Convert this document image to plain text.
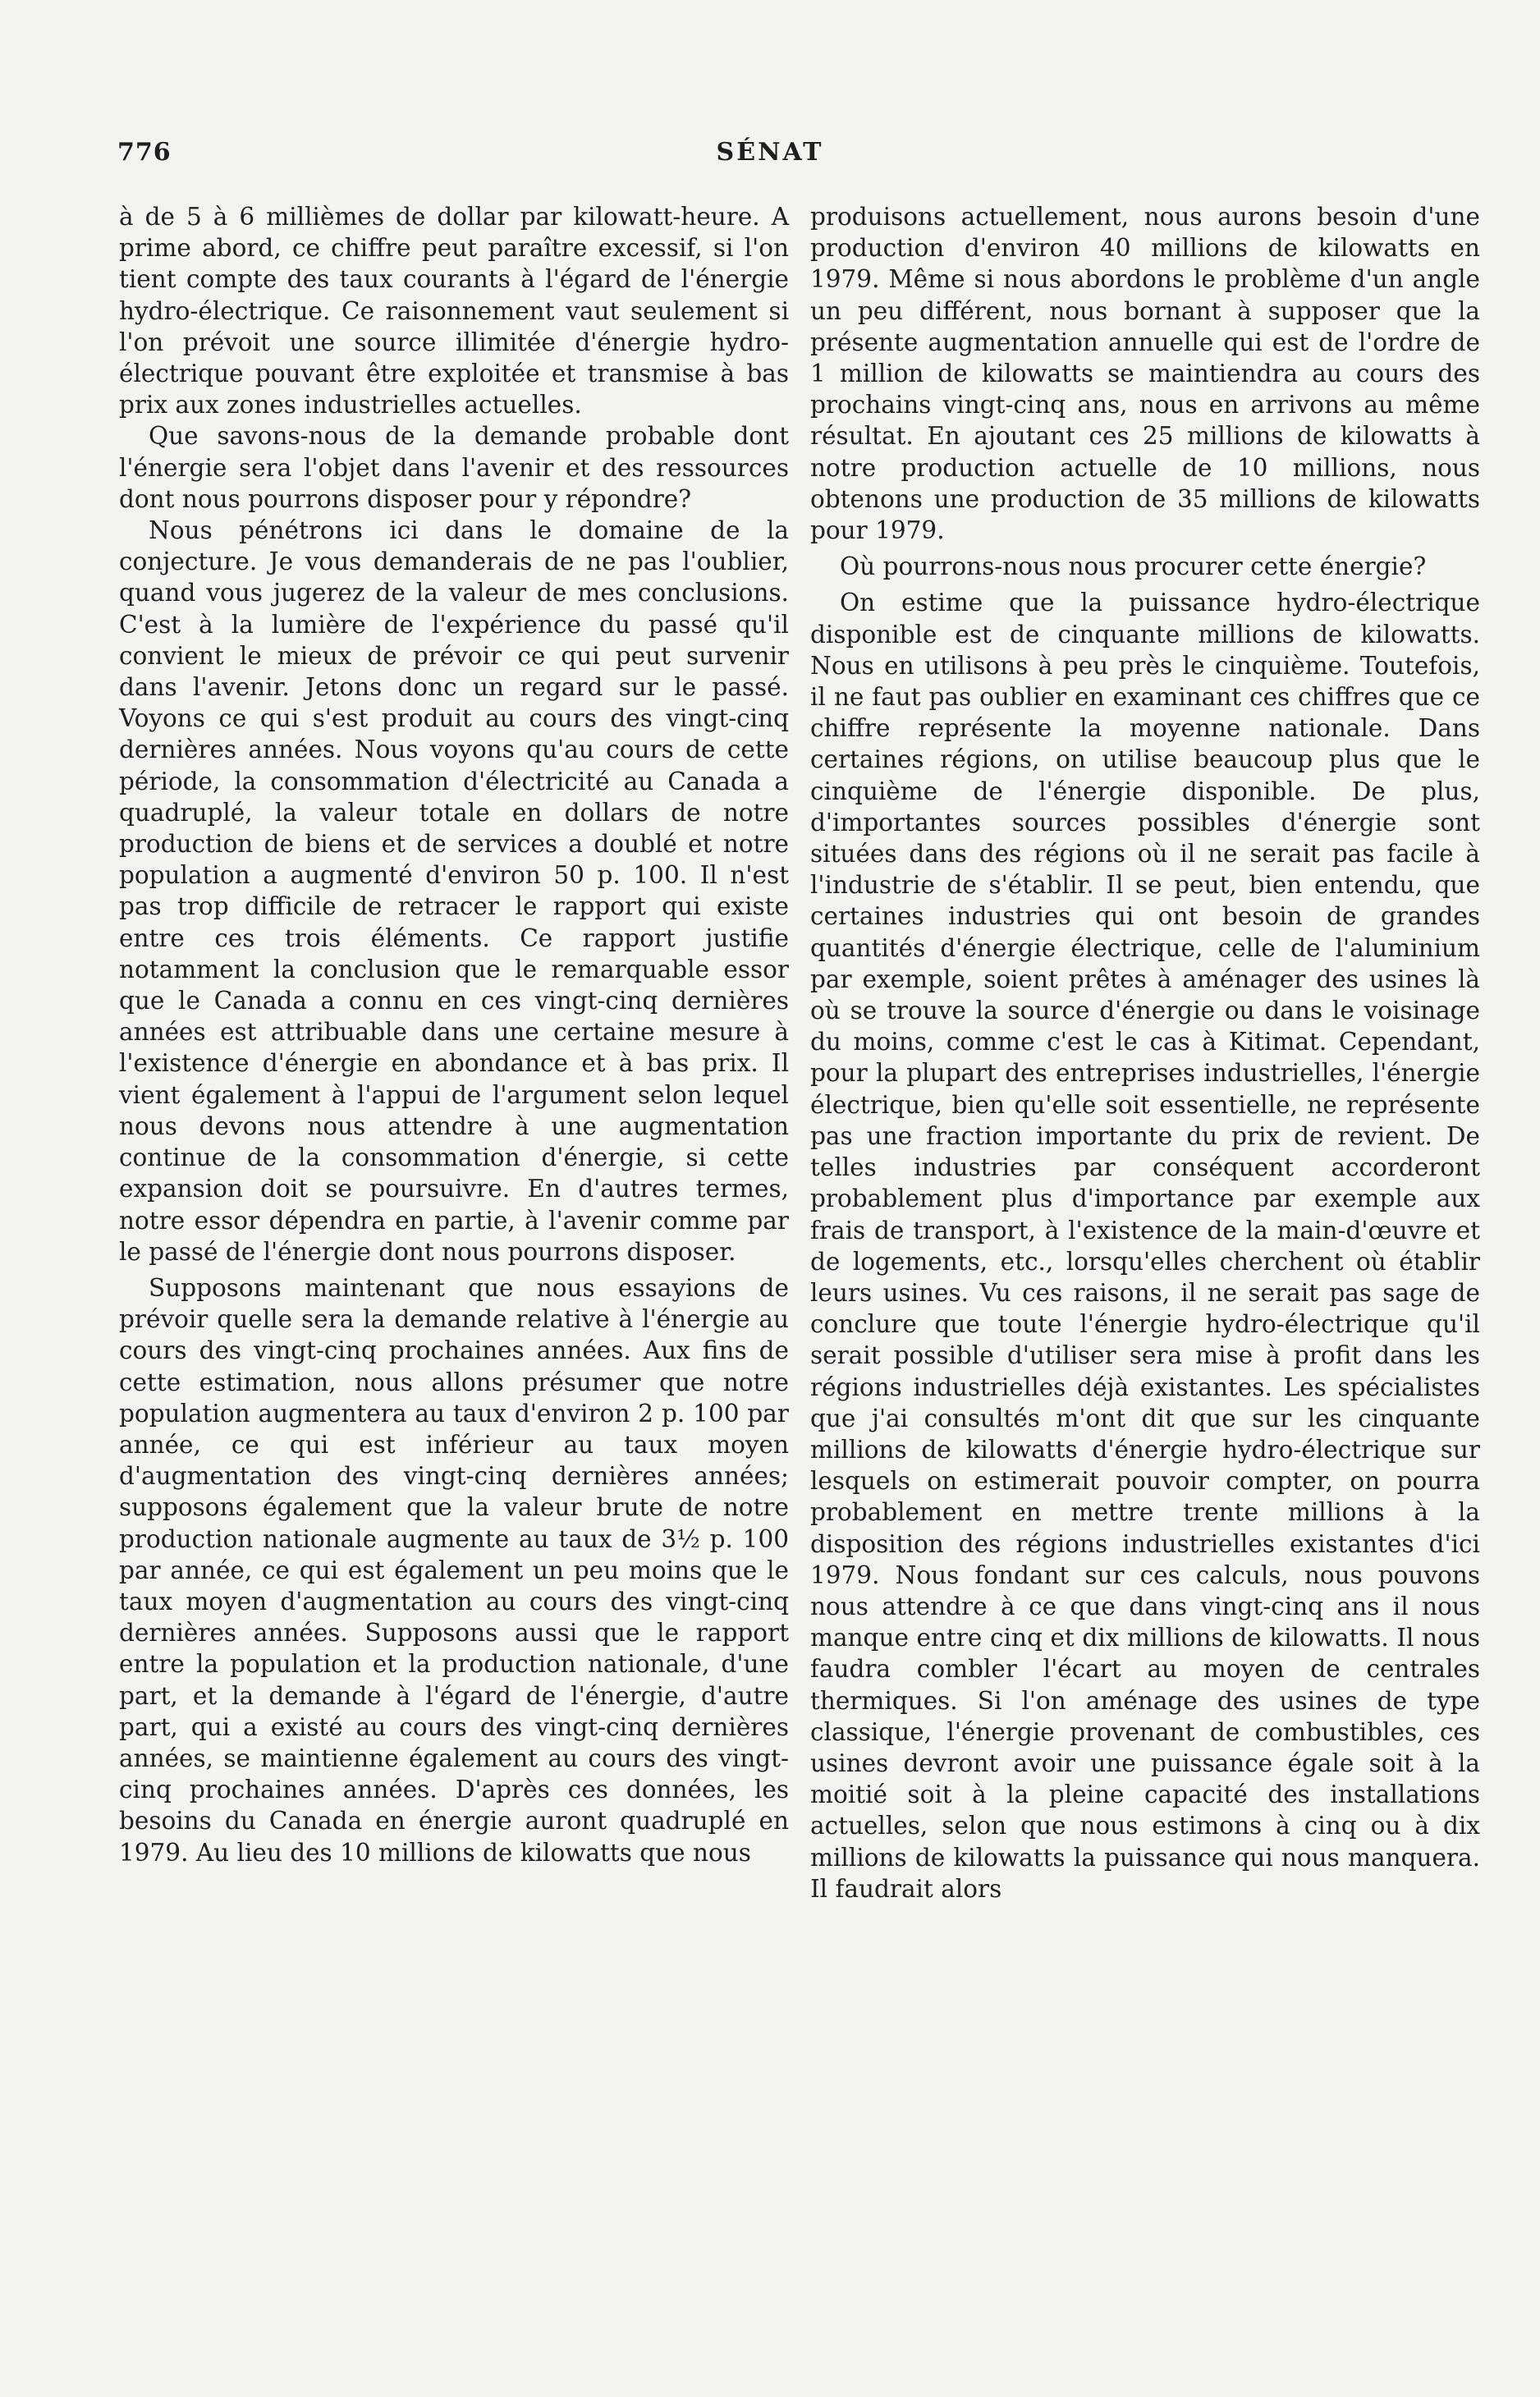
776	SÉNAT

à de 5 à 6 millièmes de dollar par kilowatt-heure. A prime abord, ce chiffre peut paraître excessif, si l'on tient compte des taux courants à l'égard de l'énergie hydro-électrique. Ce raisonnement vaut seulement si l'on prévoit une source illimitée d'énergie hydro-électrique pouvant être exploitée et transmise à bas prix aux zones industrielles actuelles.

Que savons-nous de la demande probable dont l'énergie sera l'objet dans l'avenir et des ressources dont nous pourrons disposer pour y répondre?

Nous pénétrons ici dans le domaine de la conjecture. Je vous demanderais de ne pas l'oublier, quand vous jugerez de la valeur de mes conclusions. C'est à la lumière de l'expérience du passé qu'il convient le mieux de prévoir ce qui peut survenir dans l'avenir. Jetons donc un regard sur le passé. Voyons ce qui s'est produit au cours des vingt-cinq dernières années. Nous voyons qu'au cours de cette période, la consommation d'électricité au Canada a quadruplé, la valeur totale en dollars de notre production de biens et de services a doublé et notre population a augmenté d'environ 50 p. 100. Il n'est pas trop difficile de retracer le rapport qui existe entre ces trois éléments. Ce rapport justifie notamment la conclusion que le remarquable essor que le Canada a connu en ces vingt-cinq dernières années est attribuable dans une certaine mesure à l'existence d'énergie en abondance et à bas prix. Il vient également à l'appui de l'argument selon lequel nous devons nous attendre à une augmentation continue de la consommation d'énergie, si cette expansion doit se poursuivre. En d'autres termes, notre essor dépendra en partie, à l'avenir comme par le passé de l'énergie dont nous pourrons disposer.

Supposons maintenant que nous essayions de prévoir quelle sera la demande relative à l'énergie au cours des vingt-cinq prochaines années. Aux fins de cette estimation, nous allons présumer que notre population augmentera au taux d'environ 2 p. 100 par année, ce qui est inférieur au taux moyen d'augmentation des vingt-cinq dernières années; supposons également que la valeur brute de notre production nationale augmente au taux de 3½ p. 100 par année, ce qui est également un peu moins que le taux moyen d'augmentation au cours des vingt-cinq dernières années. Supposons aussi que le rapport entre la population et la production nationale, d'une part, et la demande à l'égard de l'énergie, d'autre part, qui a existé au cours des vingt-cinq dernières années, se maintienne également au cours des vingt-cinq prochaines années. D'après ces données, les besoins du Canada en énergie auront quadruplé en 1979. Au lieu des 10 millions de kilowatts que nous

produisons actuellement, nous aurons besoin d'une production d'environ 40 millions de kilowatts en 1979. Même si nous abordons le problème d'un angle un peu différent, nous bornant à supposer que la présente augmentation annuelle qui est de l'ordre de 1 million de kilowatts se maintiendra au cours des prochains vingt-cinq ans, nous en arrivons au même résultat. En ajoutant ces 25 millions de kilowatts à notre production actuelle de 10 millions, nous obtenons une production de 35 millions de kilowatts pour 1979.

Où pourrons-nous nous procurer cette énergie?

On estime que la puissance hydro-électrique disponible est de cinquante millions de kilowatts. Nous en utilisons à peu près le cinquième. Toutefois, il ne faut pas oublier en examinant ces chiffres que ce chiffre représente la moyenne nationale. Dans certaines régions, on utilise beaucoup plus que le cinquième de l'énergie disponible. De plus, d'importantes sources possibles d'énergie sont situées dans des régions où il ne serait pas facile à l'industrie de s'établir. Il se peut, bien entendu, que certaines industries qui ont besoin de grandes quantités d'énergie électrique, celle de l'aluminium par exemple, soient prêtes à aménager des usines là où se trouve la source d'énergie ou dans le voisinage du moins, comme c'est le cas à Kitimat. Cependant, pour la plupart des entreprises industrielles, l'énergie électrique, bien qu'elle soit essentielle, ne représente pas une fraction importante du prix de revient. De telles industries par conséquent accorderont probablement plus d'importance par exemple aux frais de transport, à l'existence de la main-d'œuvre et de logements, etc., lorsqu'elles cherchent où établir leurs usines. Vu ces raisons, il ne serait pas sage de conclure que toute l'énergie hydro-électrique qu'il serait possible d'utiliser sera mise à profit dans les régions industrielles déjà existantes. Les spécialistes que j'ai consultés m'ont dit que sur les cinquante millions de kilowatts d'énergie hydro-électrique sur lesquels on estimerait pouvoir compter, on pourra probablement en mettre trente millions à la disposition des régions industrielles existantes d'ici 1979. Nous fondant sur ces calculs, nous pouvons nous attendre à ce que dans vingt-cinq ans il nous manque entre cinq et dix millions de kilowatts. Il nous faudra combler l'écart au moyen de centrales thermiques. Si l'on aménage des usines de type classique, l'énergie provenant de combustibles, ces usines devront avoir une puissance égale soit à la moitié soit à la pleine capacité des installations actuelles, selon que nous estimons à cinq ou à dix millions de kilowatts la puissance qui nous manquera. Il faudrait alors
